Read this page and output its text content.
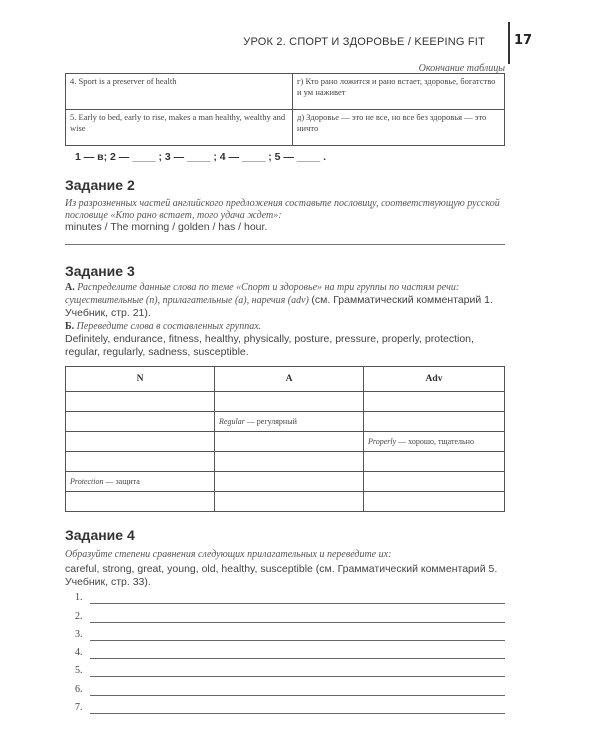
УРОК 2. СПОРТ И ЗДОРОВЬЕ / KEEPING FIT 17
Окончание таблицы
4. Sport is a preserver of health	г) Кто рано ложится и рано встает, здоровье, богатство и ум наживет
5. Early to bed, early to rise, makes a man healthy, wealthy and wise	д) Здоровье — это не все, но все без здоровья — это ничто
1 — в; 2 — ____ ; 3 — ____ ; 4 — ____ ; 5 — ____ .
Задание 2
Из разрозненных частей английского предложения составьте пословицу, соответствующую русской пословице «Кто рано встает, того удача ждет»:
minutes / The morning / golden / has / hour.
Задание 3
А. Распределите данные слова по теме «Спорт и здоровье» на три группы по частям речи: существительные (n), прилагательные (a), наречия (adv) (см. Грамматический комментарий 1. Учебник, стр. 21).
Б. Переведите слова в составленных группах.
Definitely, endurance, fitness, healthy, physically, posture, pressure, properly, protection, regular, regularly, sadness, susceptible.
N	A	Adv

	Regular — регулярный	
		Properly — хорошо, тщательно

Protection — защита		

Задание 4
Образуйте степени сравнения следующих прилагательных и переведите их:
careful, strong, great, young, old, healthy, susceptible (см. Грамматический комментарий 5. Учебник, стр. 33).
1.
2.
3.
4.
5.
6.
7.
